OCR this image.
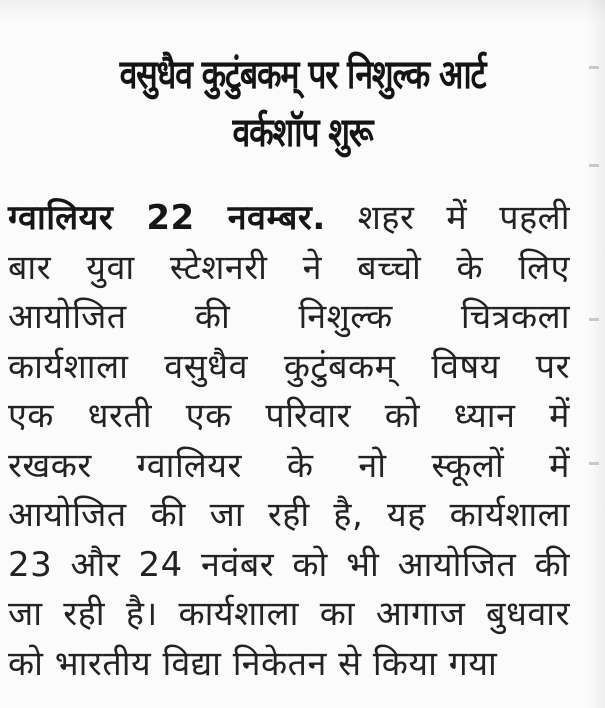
वसुधैव कुटुंबकम् पर निशुल्क आर्ट
वर्कशॉप शुरू
ग्वालियर 22 नवम्बर. शहर में पहली
बार युवा स्टेशनरी ने बच्चो के लिए
आयोजित की निशुल्क चित्रकला
कार्यशाला वसुधैव कुटुंबकम् विषय पर
एक धरती एक परिवार को ध्यान में
रखकर ग्वालियर के नो स्कूलों में
आयोजित की जा रही है, यह कार्यशाला
23 और 24 नवंबर को भी आयोजित की
जा रही है। कार्यशाला का आगाज बुधवार
को भारतीय विद्या निकेतन से किया गया
